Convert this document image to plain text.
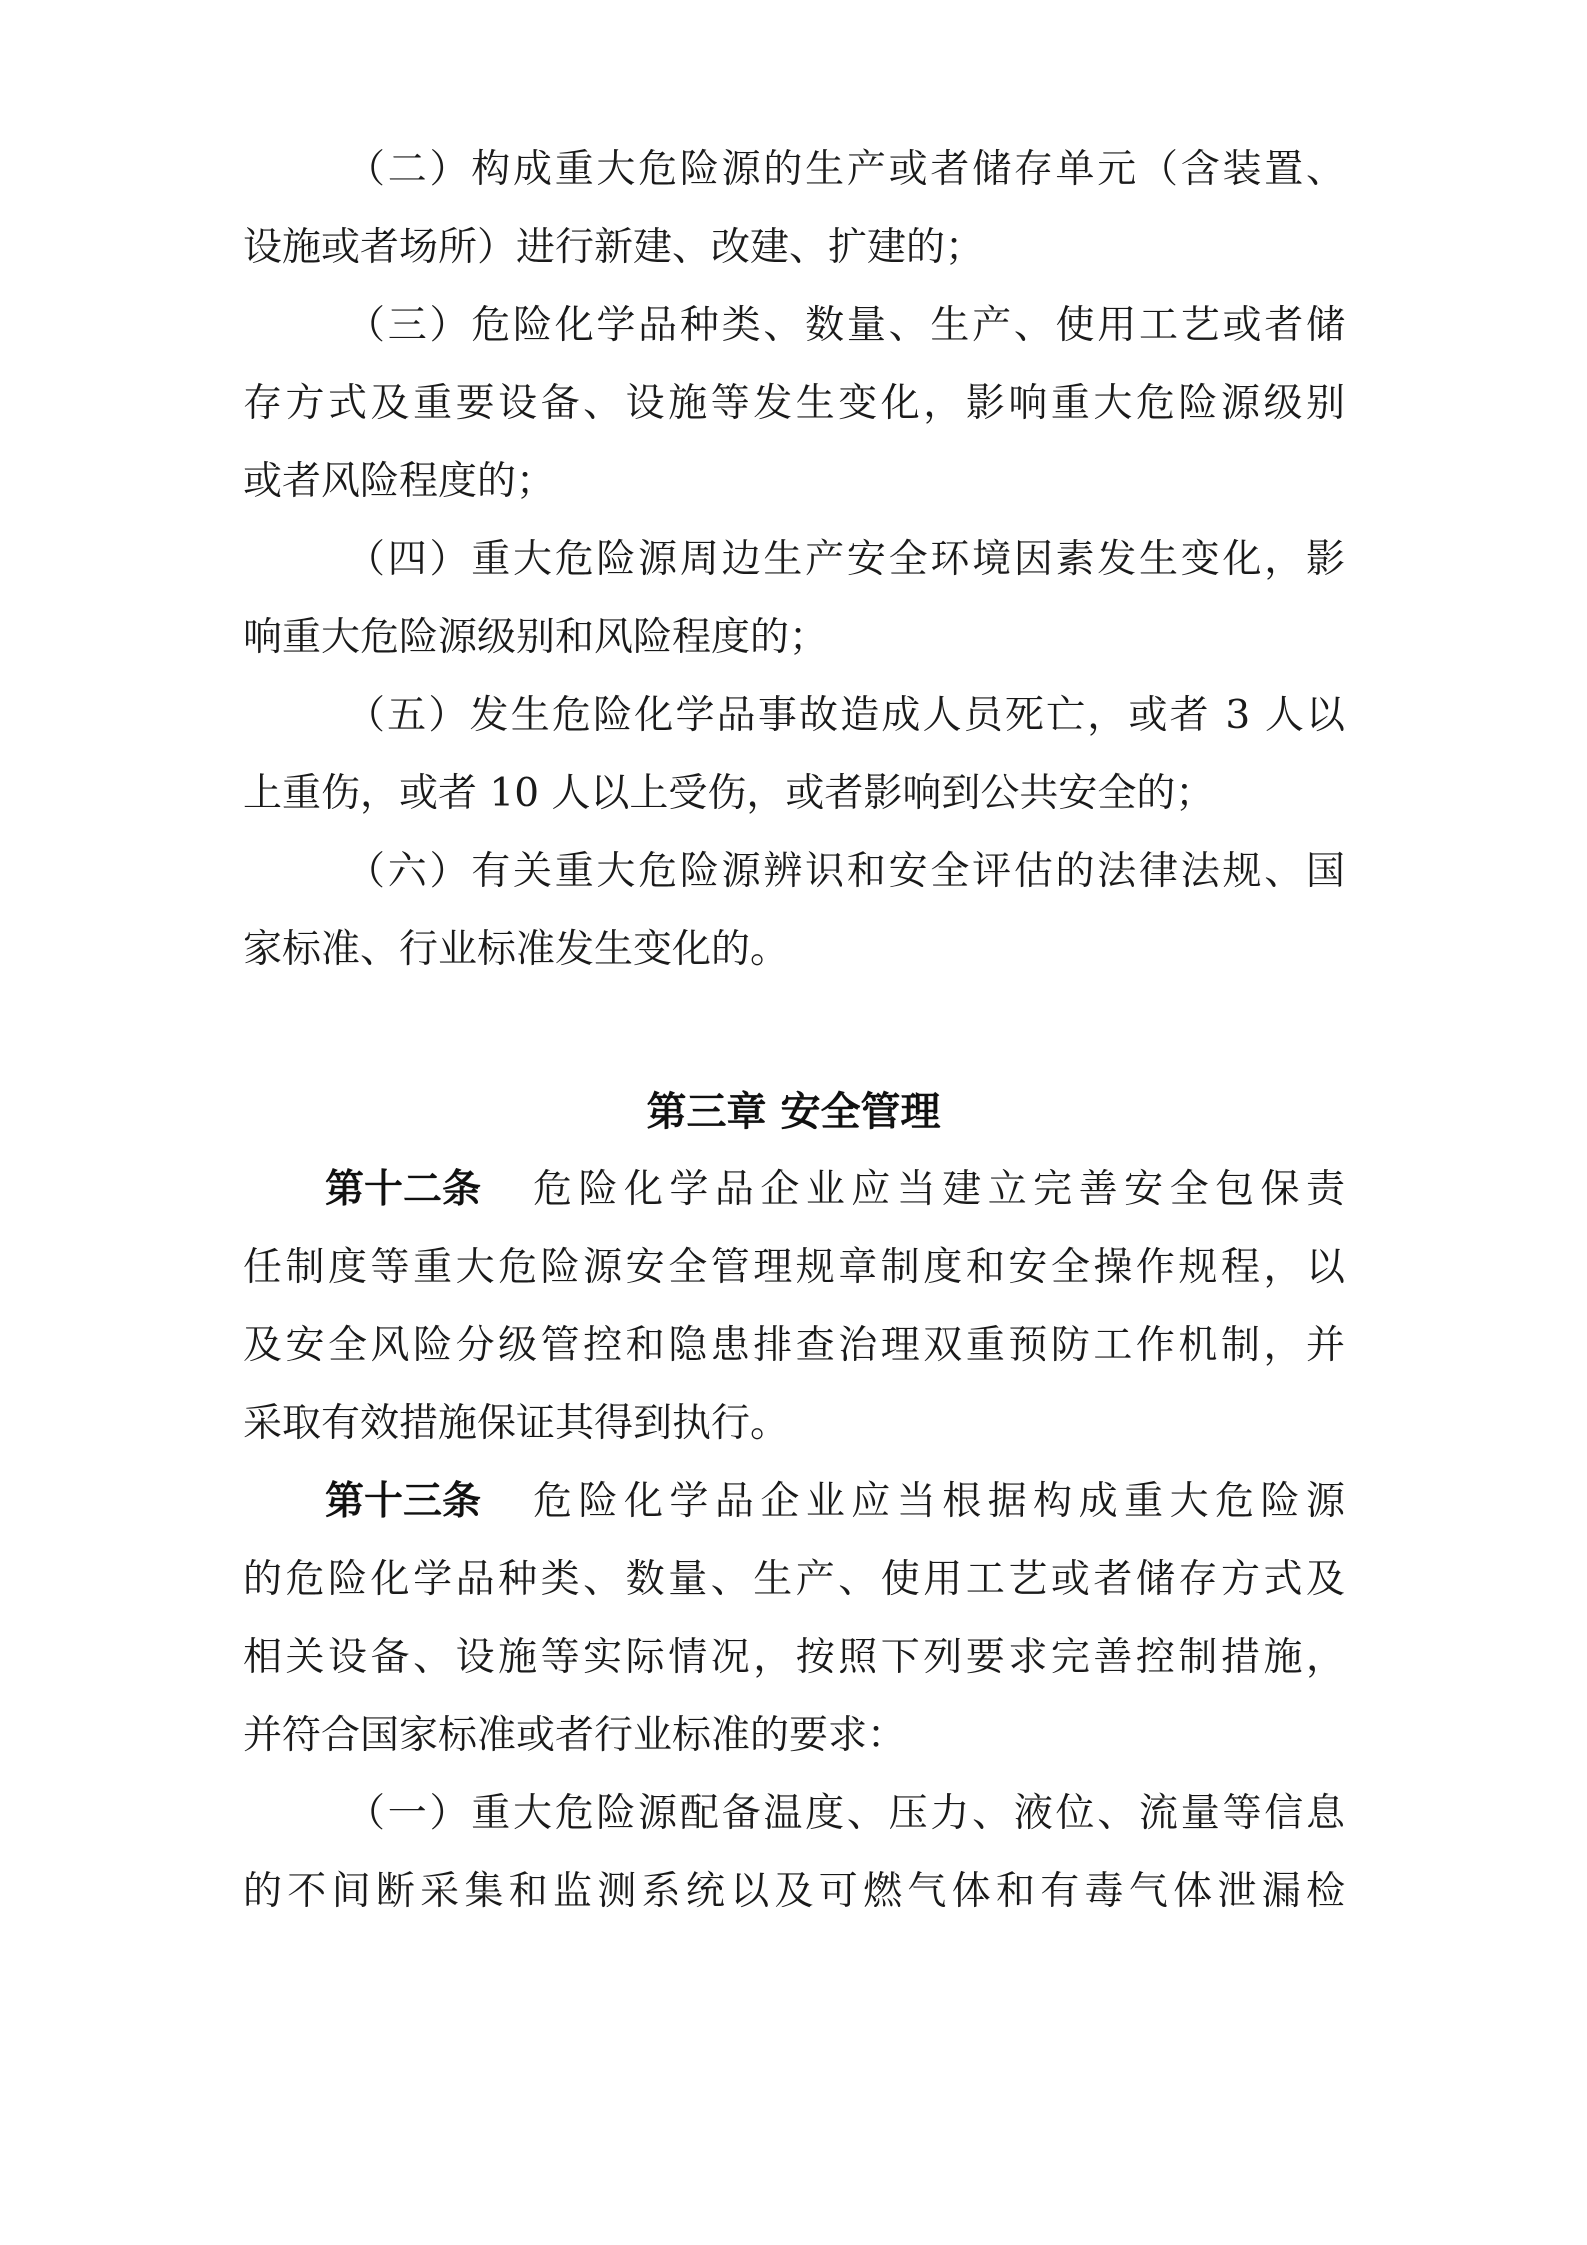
（二）构成重大危险源的生产或者储存单元（含装置、
设施或者场所）进行新建、改建、扩建的；
（三）危险化学品种类、数量、生产、使用工艺或者储
存方式及重要设备、设施等发生变化，影响重大危险源级别
或者风险程度的；
（四）重大危险源周边生产安全环境因素发生变化，影
响重大危险源级别和风险程度的；
（五）发生危险化学品事故造成人员死亡，或者 3 人以
上重伤，或者 10 人以上受伤，或者影响到公共安全的；
（六）有关重大危险源辨识和安全评估的法律法规、国
家标准、行业标准发生变化的。
第三章 安全管理
第十二条	危险化学品企业应当建立完善安全包保责
任制度等重大危险源安全管理规章制度和安全操作规程，以
及安全风险分级管控和隐患排查治理双重预防工作机制，并
采取有效措施保证其得到执行。
第十三条	危险化学品企业应当根据构成重大危险源
的危险化学品种类、数量、生产、使用工艺或者储存方式及
相关设备、设施等实际情况，按照下列要求完善控制措施，
并符合国家标准或者行业标准的要求：
（一）重大危险源配备温度、压力、液位、流量等信息
的不间断采集和监测系统以及可燃气体和有毒气体泄漏检
